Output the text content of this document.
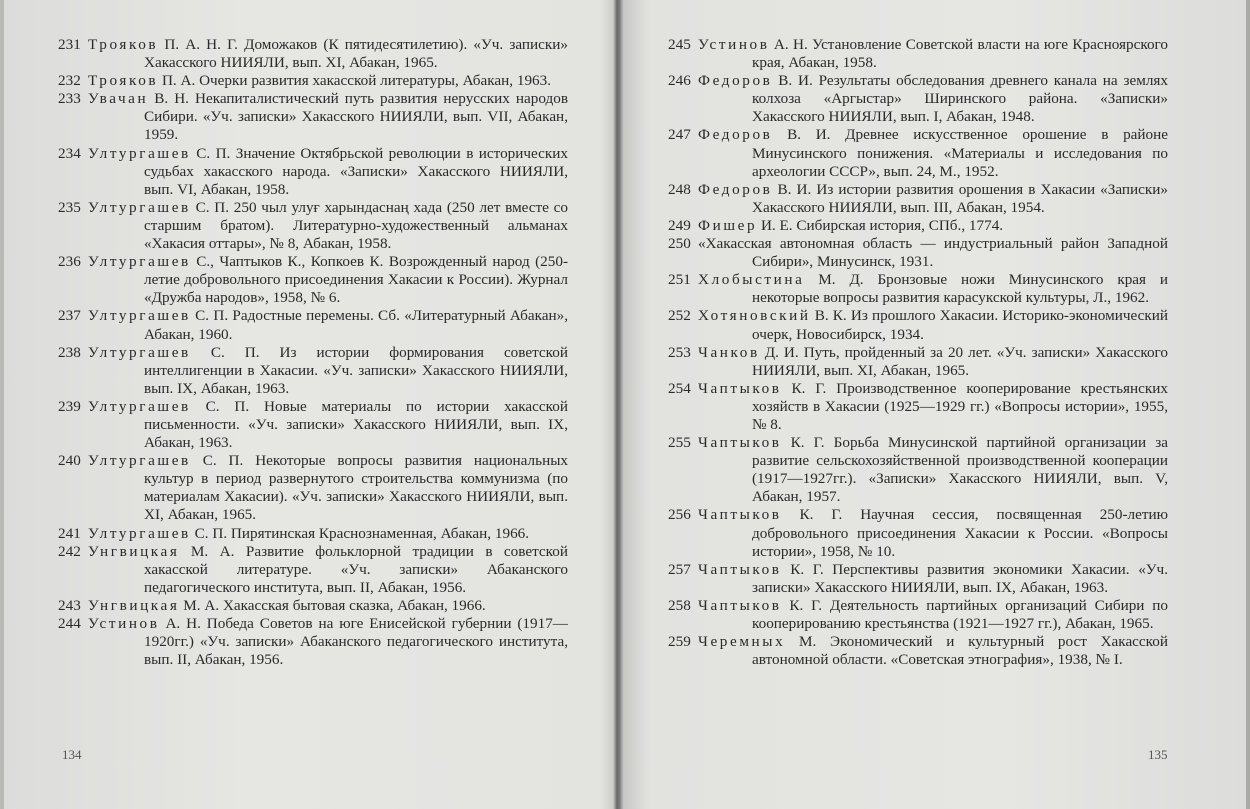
231 Трояков П. А. Н. Г. Доможаков (К пятидесятилетию). «Уч. записки» Хакасского НИИЯЛИ, вып. XI, Абакан, 1965.

232 Трояков П. А. Очерки развития хакасской литературы, Абакан, 1963.

233 Увачан В. Н. Некапиталистический путь развития нерусских народов Сибири. «Уч. записки» Хакасского НИИЯЛИ, вып. VII, Абакан, 1959.

234 Ултургашев С. П. Значение Октябрьской революции в исторических судьбах хакасского народа. «Записки» Хакасского НИИЯЛИ, вып. VI, Абакан, 1958.

235 Ултургашев С. П. 250 чыл улуғ харындаснаң хада (250 лет вместе со старшим братом). Литературно-художественный альманах «Хакасия оттары», № 8, Абакан, 1958.

236 Ултургашев С., Чаптыков К., Копкоев К. Возрожденный народ (250-летие добровольного присоединения Хакасии к России). Журнал «Дружба народов», 1958, № 6.

237 Ултургашев С. П. Радостные перемены. Сб. «Литературный Абакан», Абакан, 1960.

238 Ултургашев С. П. Из истории формирования советской интеллигенции в Хакасии. «Уч. записки» Хакасского НИИЯЛИ, вып. IX, Абакан, 1963.

239 Ултургашев С. П. Новые материалы по истории хакасской письменности. «Уч. записки» Хакасского НИИЯЛИ, вып. IX, Абакан, 1963.

240 Ултургашев С. П. Некоторые вопросы развития национальных культур в период развернутого строительства коммунизма (по материалам Хакасии). «Уч. записки» Хакасского НИИЯЛИ, вып. XI, Абакан, 1965.

241 Ултургашев С. П. Пирятинская Краснознаменная, Абакан, 1966.

242 Унгвицкая М. А. Развитие фольклорной традиции в советской хакасской литературе. «Уч. записки» Абаканского педагогического института, вып. II, Абакан, 1956.

243 Унгвицкая М. А. Хакасская бытовая сказка, Абакан, 1966.

244 Устинов А. Н. Победа Советов на юге Енисейской губернии (1917—1920гг.) «Уч. записки» Абаканского педагогического института, вып. II, Абакан, 1956.

134

245 Устинов А. Н. Установление Советской власти на юге Красноярского края, Абакан, 1958.

246 Федоров В. И. Результаты обследования древнего канала на землях колхоза «Аргыстар» Ширинского района. «Записки» Хакасского НИИЯЛИ, вып. I, Абакан, 1948.

247 Федоров В. И. Древнее искусственное орошение в районе Минусинского понижения. «Материалы и исследования по археологии СССР», вып. 24, М., 1952.

248 Федоров В. И. Из истории развития орошения в Хакасии «Записки» Хакасского НИИЯЛИ, вып. III, Абакан, 1954.

249 Фишер И. Е. Сибирская история, СПб., 1774.

250 «Хакасская автономная область — индустриальный район Западной Сибири», Минусинск, 1931.

251 Хлобыстина М. Д. Бронзовые ножи Минусинского края и некоторые вопросы развития карасукской культуры, Л., 1962.

252 Хотяновский В. К. Из прошлого Хакасии. Историко-экономический очерк, Новосибирск, 1934.

253 Чанков Д. И. Путь, пройденный за 20 лет. «Уч. записки» Хакасского НИИЯЛИ, вып. XI, Абакан, 1965.

254 Чаптыков К. Г. Производственное кооперирование крестьянских хозяйств в Хакасии (1925—1929 гг.) «Вопросы истории», 1955, № 8.

255 Чаптыков К. Г. Борьба Минусинской партийной организации за развитие сельскохозяйственной производственной кооперации (1917—1927гг.). «Записки» Хакасского НИИЯЛИ, вып. V, Абакан, 1957.

256 Чаптыков К. Г. Научная сессия, посвященная 250-летию добровольного присоединения Хакасии к России. «Вопросы истории», 1958, № 10.

257 Чаптыков К. Г. Перспективы развития экономики Хакасии. «Уч. записки» Хакасского НИИЯЛИ, вып. IX, Абакан, 1963.

258 Чаптыков К. Г. Деятельность партийных организаций Сибири по кооперированию крестьянства (1921—1927 гг.), Абакан, 1965.

259 Черемных М. Экономический и культурный рост Хакасской автономной области. «Советская этнография», 1938, № I.

135
